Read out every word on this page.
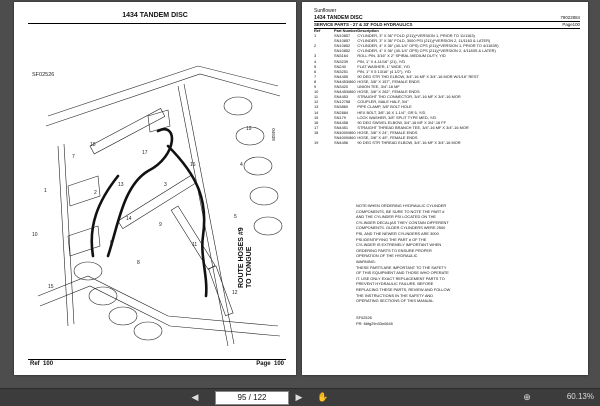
1434 TANDEM DISC
SF02526
04938
1	2
3
4
5
6
7
8
9
10
11
12
13
14
15
16
17
18
19
ROUTE HOSES #9 TO TONGUE
Ref 100	Page 100
Sunflower
1434 TANDEM DISC	79022884
SERVICE PARTS - 27 & 33' FOLD HYDRAULICS	Page100
Ref	Part Number	Description
1	SN10857	CYLINDER, 3" X 36" FOLD (211)(*VERSION 1, PRIOR TO 11/1163)
	SN10857	CYLINDER, 3" X 36" FOLD, 3000 PSI (211)(*VERSION 2, 11/1163 & LATER)
2	SN10852	CYLINDER, 4" X 36" (40-1/4" OPS) CPS (211)(*VERSION 1, PRIOR TO 4/1183S)
	SN10852	CYLINDER, 4" X 36" (40-1/4" OPS) CPS (211)(*VERSION 2, 4/1183S & LATER)
3	SN3164	ROLL PIN, 3/16" X 2" SPIRAL MEDIUM DUTY, Y/D
4	SN3239	PIN, 1" X 4-11/16" (21), Y/D
5	SN240	FLAT WASHER, 1" WIDE, Y/D
6	SN3251	PIN, 1" X 5 13/16" (4 1/2"), Y/D
7	SN4455	90 DEG STR THD ELBOW, 3/4"-16 MF X 3/4"-16 MOR W/1/16" REST
8	SN4453/860	HOSE, 3/8" X 157", FEMALE ENDS
9	SN3420	UNION TEE, 3/4"-16 MF
10	SN4453/860	HOSE, 3/8" X 262", FEMALE ENDS
11	SN4453	STRAIGHT THD CONNECTOR, 3/4"-16 MF X 3/4"-16 MOR
12	SN12758	COUPLER, MALE HALF, 3/4"
13	SN3860	PIPE CLAMP, 3/8" BOLT HOLE
14	SN2884	HEX BOLT, 3/8"-16 X 1-1/4", GR 5, Y/D
15	SN179	LOCK WASHER, 3/8" SPLIT TYPE MED, Y/D
16	SN4458	90 DEG SWIVEL ELBOW, 3/4"-16 MF X 3/4"-16 FF
17	SN4451	STRAIGHT THREAD BRANCH TEE, 3/4"-16 MF X 3/4"-16 MOR
18	SN4000/860	HOSE, 3/8" X 24", FEMALE ENDS
	SN4000/860	HOSE, 3/8" X 49", FEMALE ENDS
19	SN4456	90 DEG STR THREAD ELBOW, 3/4"-16 MF X 3/4"-16 MOR
NOTE:WHEN ORDERING HYDRAULIC CYLINDER
COMPONENTS, BE SURE TO NOTE THE PART #
AND THE CYLINDER PSI LOCATED ON THE
CYLINDER DECAL(AS THEY CONTAIN DIFFERENT
COMPONENTS. OLDER CYLINDERS WERE 2500
PSI, AND THE NEWER CYLINDERS ARE 3000
PSI.IDENTIFYING THE PART # OF THE
CYLINDER IS EXTREMELY IMPORTANT WHEN
ORDERING PARTS TO ENSURE PROPER
OPERATION OF THE HYDRAULIC
WARNING:
THESE PARTS ARE IMPORTANT TO THE SAFETY
OF THIS EQUIPMENT AND THOSE WHO OPERATE
IT. USE ONLY EXACT REPLACEMENT PARTS TO
PREVENT HYDRAULIC FAILURE. BEFORE
REPLACING THESE PARTS, REVIEW AND FOLLOW
THE INSTRUCTIONS IN THE SAFETY AND
OPERATING SECTIONS OF THIS MANUAL.
SF02526
PR: 66fg29n33n0645
◀	95 / 122	▶	✋	⊕	60.13%
